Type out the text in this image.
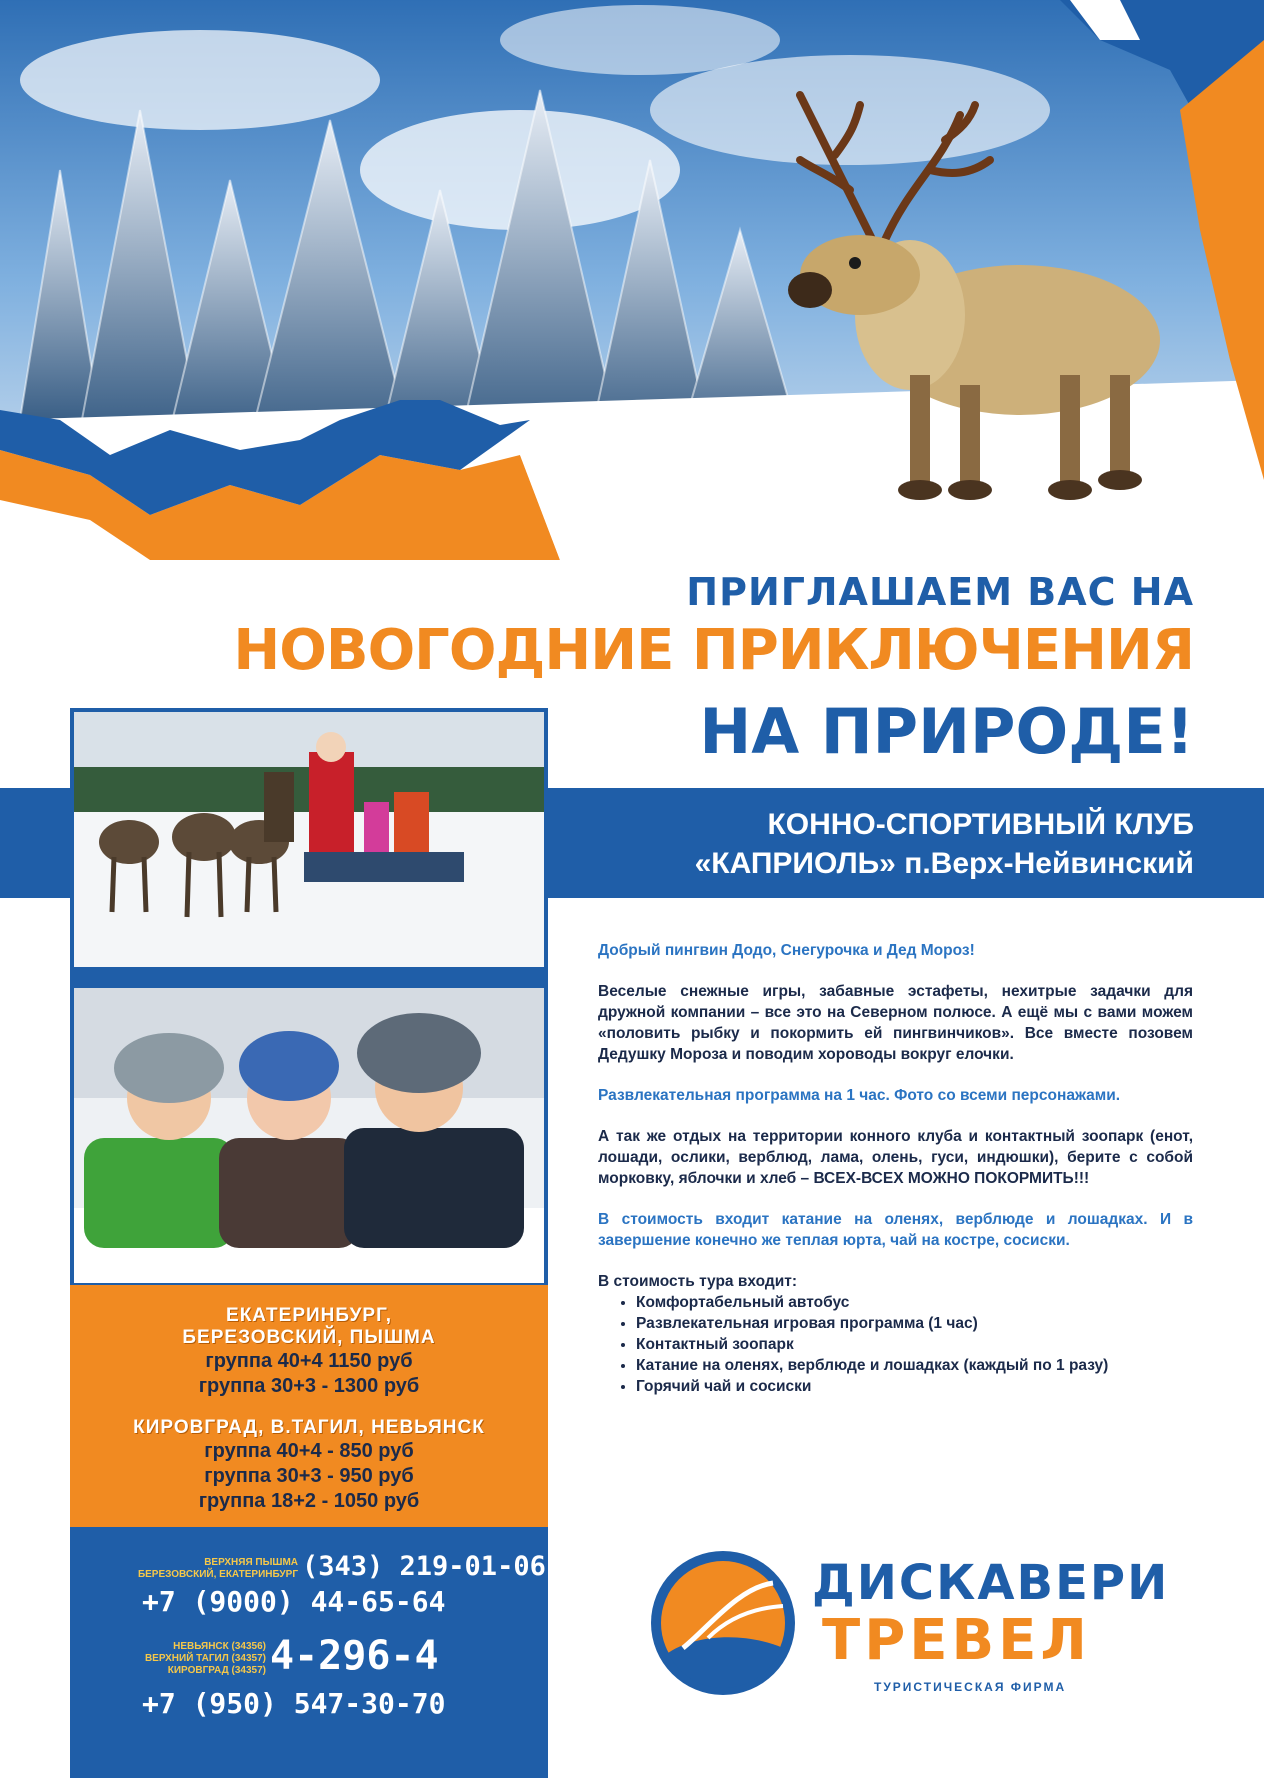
ПРИГЛАШАЕМ ВАС НА
НОВОГОДНИЕ ПРИКЛЮЧЕНИЯ
НА ПРИРОДЕ!
КОННО-СПОРТИВНЫЙ КЛУБ
«КАПРИОЛЬ» п.Верх-Нейвинский
ЕКАТЕРИНБУРГ,
БЕРЕЗОВСКИЙ, ПЫШМА
группа 40+4 1150 руб
группа 30+3 - 1300 руб
КИРОВГРАД, В.ТАГИЛ, НЕВЬЯНСК
группа 40+4 - 850 руб
группа 30+3 - 950 руб
группа 18+2 - 1050 руб
ВЕРХНЯЯ ПЫШМА
БЕРЕЗОВСКИЙ, ЕКАТЕРИНБУРГ (343) 219-01-06
+7 (9000) 44-65-64
НЕВЬЯНСК (34356)
ВЕРХНИЙ ТАГИЛ (34357)
КИРОВГРАД (34357) 4-296-4
+7 (950) 547-30-70

Добрый пингвин Додо, Снегурочка и Дед Мороз!

Веселые снежные игры, забавные эстафеты, нехитрые задачки для дружной компании – все это на Северном полюсе. А ещё мы с вами можем «половить рыбку и покормить ей пингвинчиков». Все вместе позовем Дедушку Мороза и поводим хороводы вокруг елочки.

Развлекательная программа на 1 час. Фото со всеми персонажами.

А так же отдых на территории конного клуба и контактный зоопарк (енот, лошади, ослики, верблюд, лама, олень, гуси, индюшки), берите с собой морковку, яблочки и хлеб – ВСЕХ-ВСЕХ МОЖНО ПОКОРМИТЬ!!!

В стоимость входит катание на оленях, верблюде и лошадках. И в завершение конечно же теплая юрта, чай на костре, сосиски.

В стоимость тура входит:
• Комфортабельный автобус
• Развлекательная игровая программа (1 час)
• Контактный зоопарк
• Катание на оленях, верблюде и лошадках (каждый по 1 разу)
• Горячий чай и сосиски
ДИСКАВЕРИ
ТРЕВЕЛ
ТУРИСТИЧЕСКАЯ ФИРМА
